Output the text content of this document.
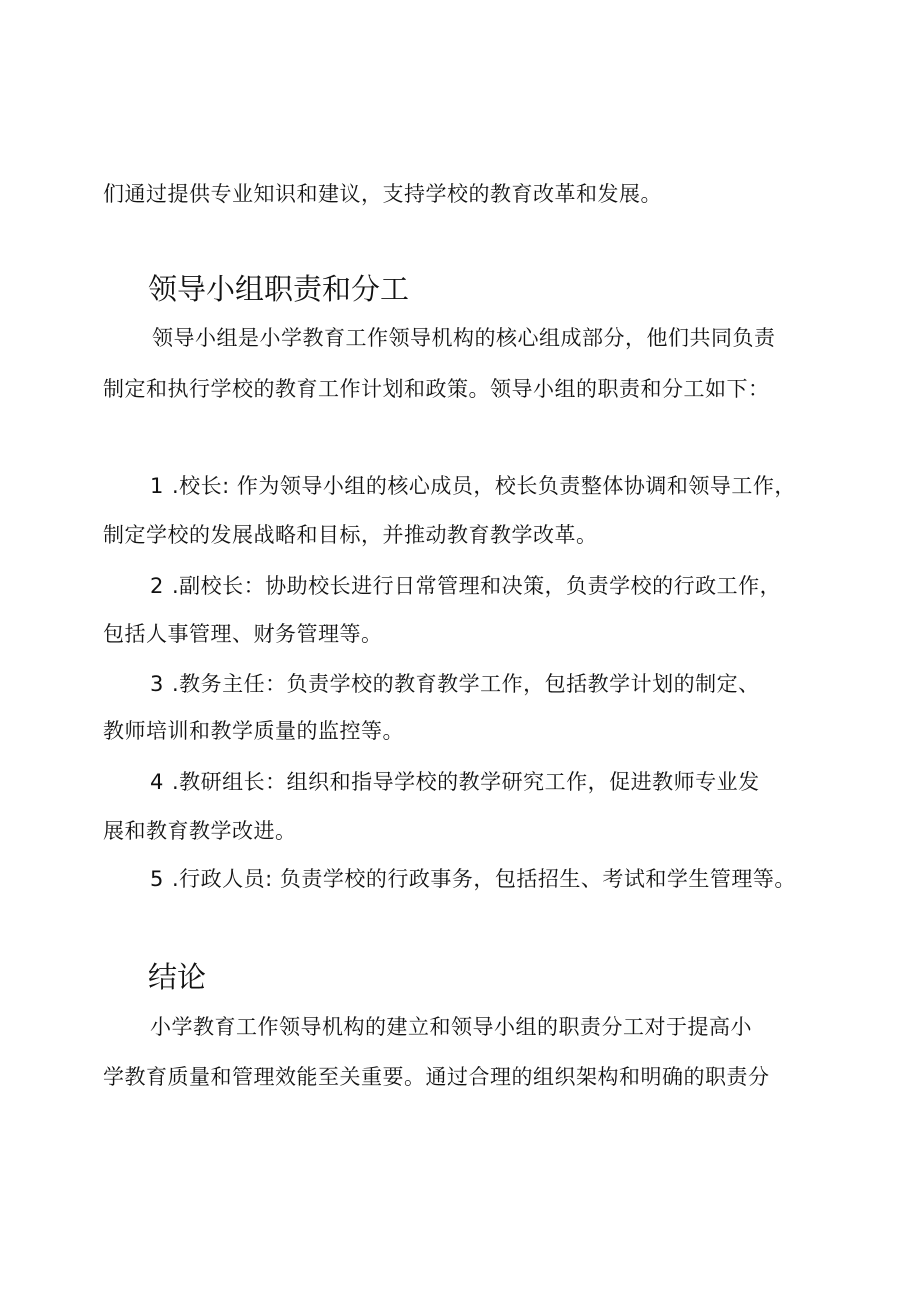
们通过提供专业知识和建议，支持学校的教育改革和发展。
领导小组职责和分工
领导小组是小学教育工作领导机构的核心组成部分，他们共同负责
制定和执行学校的教育工作计划和政策。领导小组的职责和分工如下：
1 .校长: 作为领导小组的核心成员，校长负责整体协调和领导工作，
制定学校的发展战略和目标，并推动教育教学改革。
2 .副校长：协助校长进行日常管理和决策，负责学校的行政工作，
包括人事管理、财务管理等。
3 .教务主任：负责学校的教育教学工作，包括教学计划的制定、
教师培训和教学质量的监控等。
4 .教研组长：组织和指导学校的教学研究工作，促进教师专业发
展和教育教学改进。
5 .行政人员: 负责学校的行政事务，包括招生、考试和学生管理等。
结论
小学教育工作领导机构的建立和领导小组的职责分工对于提高小
学教育质量和管理效能至关重要。通过合理的组织架构和明确的职责分
